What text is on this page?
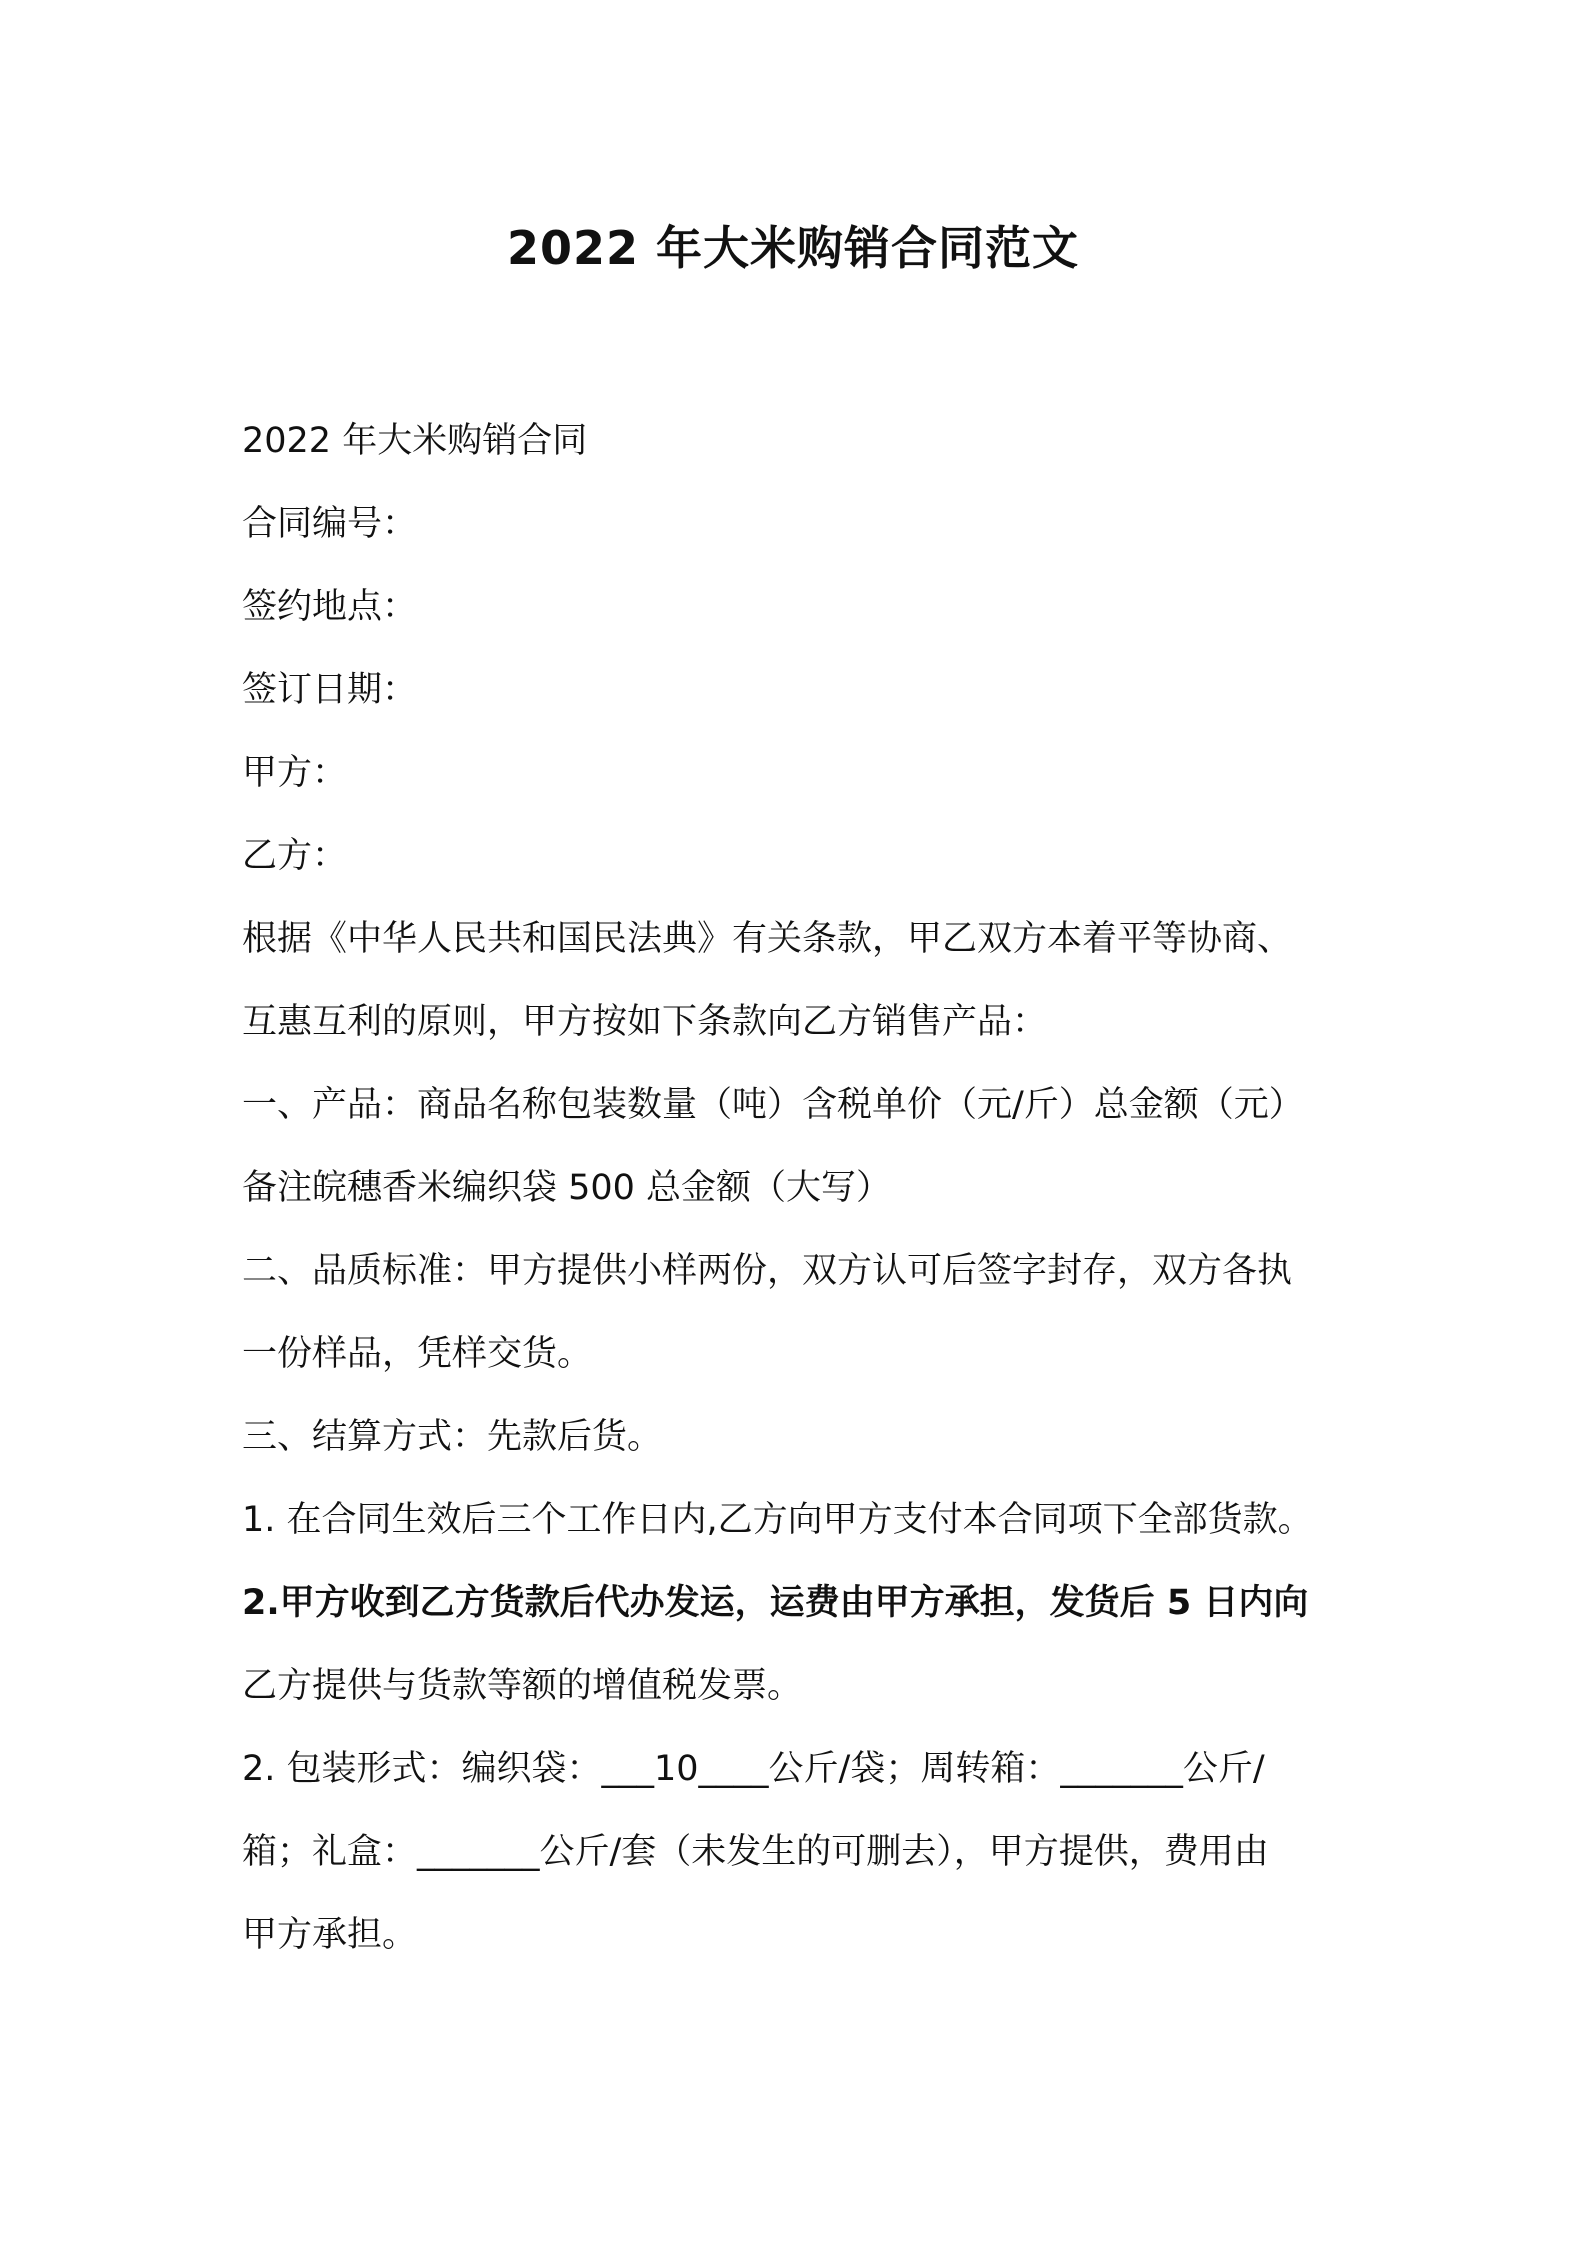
2022 年大米购销合同范文
2022 年大米购销合同
合同编号：
签约地点：
签订日期：
甲方：
乙方：
根据《中华人民共和国民法典》有关条款，甲乙双方本着平等协商、
互惠互利的原则，甲方按如下条款向乙方销售产品：
一、产品：商品名称包装数量（吨）含税单价（元/斤）总金额（元）
备注皖穗香米编织袋 500 总金额（大写）
二、品质标准：甲方提供小样两份，双方认可后签字封存，双方各执
一份样品，凭样交货。
三、结算方式：先款后货。
1. 在合同生效后三个工作日内,乙方向甲方支付本合同项下全部货款。
2.甲方收到乙方货款后代办发运，运费由甲方承担，发货后 5 日内向
乙方提供与货款等额的增值税发票。
2. 包装形式：编织袋：___10____公斤/袋；周转箱：_______公斤/
箱；礼盒：_______公斤/套（未发生的可删去），甲方提供，费用由
甲方承担。
